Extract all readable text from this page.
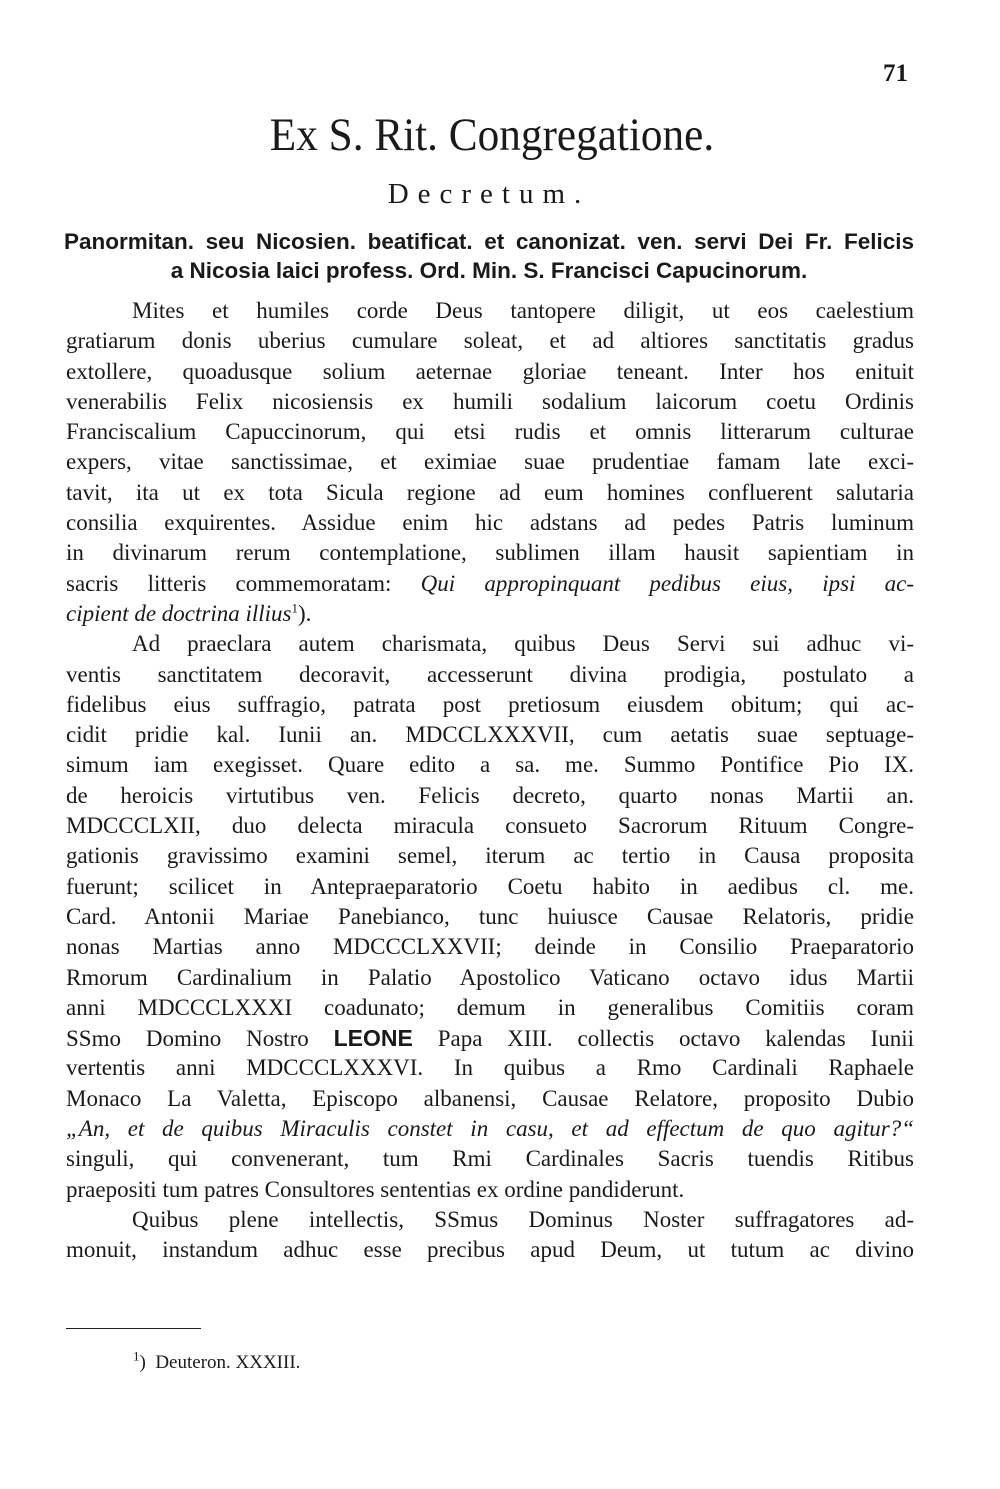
71
Ex S. Rit. Congregatione.
Decretum.
Panormitan. seu Nicosien. beatificat. et canonizat. ven. servi Dei Fr. Felicis
a Nicosia laici profess. Ord. Min. S. Francisci Capucinorum.
Mites et humiles corde Deus tantopere diligit, ut eos caelestium
gratiarum donis uberius cumulare soleat, et ad altiores sanctitatis gradus
extollere, quoadusque solium aeternae gloriae teneant. Inter hos enituit
venerabilis Felix nicosiensis ex humili sodalium laicorum coetu Ordinis
Franciscalium Capuccinorum, qui etsi rudis et omnis litterarum culturae
expers, vitae sanctissimae, et eximiae suae prudentiae famam late exci-
tavit, ita ut ex tota Sicula regione ad eum homines confluerent salutaria
consilia exquirentes. Assidue enim hic adstans ad pedes Patris luminum
in divinarum rerum contemplatione, sublimen illam hausit sapientiam in
sacris litteris commemoratam: Qui appropinquant pedibus eius, ipsi ac-
cipient de doctrina illius$^1$).
Ad praeclara autem charismata, quibus Deus Servi sui adhuc vi-
ventis sanctitatem decoravit, accesserunt divina prodigia, postulato a
fidelibus eius suffragio, patrata post pretiosum eiusdem obitum; qui ac-
cidit pridie kal. Iunii an. MDCCLXXXVII, cum aetatis suae septuage-
simum iam exegisset. Quare edito a sa. me. Summo Pontifice Pio IX.
de heroicis virtutibus ven. Felicis decreto, quarto nonas Martii an.
MDCCCLXII, duo delecta miracula consueto Sacrorum Rituum Congre-
gationis gravissimo examini semel, iterum ac tertio in Causa proposita
fuerunt; scilicet in Antepraeparatorio Coetu habito in aedibus cl. me.
Card. Antonii Mariae Panebianco, tunc huiusce Causae Relatoris, pridie
nonas Martias anno MDCCCLXXVII; deinde in Consilio Praeparatorio
Rmorum Cardinalium in Palatio Apostolico Vaticano octavo idus Martii
anni MDCCCLXXXI coadunato; demum in generalibus Comitiis coram
SSmo Domino Nostro LEONE Papa XIII. collectis octavo kalendas Iunii
vertentis anni MDCCCLXXXVI. In quibus a Rmo Cardinali Raphaele
Monaco La Valetta, Episcopo albanensi, Causae Relatore, proposito Dubio
„An, et de quibus Miraculis constet in casu, et ad effectum de quo agitur?“
singuli, qui convenerant, tum Rmi Cardinales Sacris tuendis Ritibus
praepositi tum patres Consultores sententias ex ordine pandiderunt.
Quibus plene intellectis, SSmus Dominus Noster suffragatores ad-
monuit, instandum adhuc esse precibus apud Deum, ut tutum ac divino
$^1$) Deuteron. XXXIII.
